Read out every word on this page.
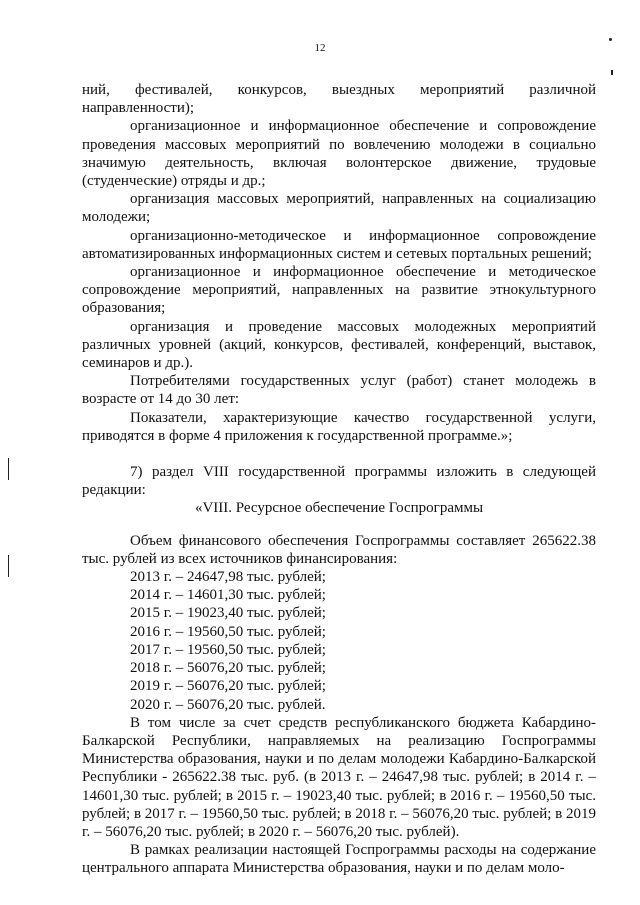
12

ний, фестивалей, конкурсов, выездных мероприятий различной направленности);

организационное и информационное обеспечение и сопровождение проведения массовых мероприятий по вовлечению молодежи в социально значимую деятельность, включая волонтерское движение, трудовые (студенческие) отряды и др.;

организация массовых мероприятий, направленных на социализацию молодежи;

организационно-методическое и информационное сопровождение автоматизированных информационных систем и сетевых портальных решений;

организационное и информационное обеспечение и методическое сопровождение мероприятий, направленных на развитие этнокультурного образования;

организация и проведение массовых молодежных мероприятий различных уровней (акций, конкурсов, фестивалей, конференций, выставок, семинаров и др.).

Потребителями государственных услуг (работ) станет молодежь в возрасте от 14 до 30 лет:

Показатели, характеризующие качество государственной услуги, приводятся в форме 4 приложения к государственной программе.»;

7) раздел VIII государственной программы изложить в следующей редакции:

«VIII. Ресурсное обеспечение Госпрограммы

Объем финансового обеспечения Госпрограммы составляет 265622.38 тыс. рублей из всех источников финансирования:

2013 г. – 24647,98 тыс. рублей;
2014 г. – 14601,30 тыс. рублей;
2015 г. – 19023,40 тыс. рублей;
2016 г. – 19560,50 тыс. рублей;
2017 г. – 19560,50 тыс. рублей;
2018 г. – 56076,20 тыс. рублей;
2019 г. – 56076,20 тыс. рублей;
2020 г. – 56076,20 тыс. рублей.

В том числе за счет средств республиканского бюджета Кабардино-Балкарской Республики, направляемых на реализацию Госпрограммы Министерства образования, науки и по делам молодежи Кабардино-Балкарской Республики - 265622.38 тыс. руб. (в 2013 г. – 24647,98 тыс. рублей; в 2014 г. – 14601,30 тыс. рублей; в 2015 г. – 19023,40 тыс. рублей; в 2016 г. – 19560,50 тыс. рублей; в 2017 г. – 19560,50 тыс. рублей; в 2018 г. – 56076,20 тыс. рублей; в 2019 г. – 56076,20 тыс. рублей; в 2020 г. – 56076,20 тыс. рублей).

В рамках реализации настоящей Госпрограммы расходы на содержание центрального аппарата Министерства образования, науки и по делам моло-
